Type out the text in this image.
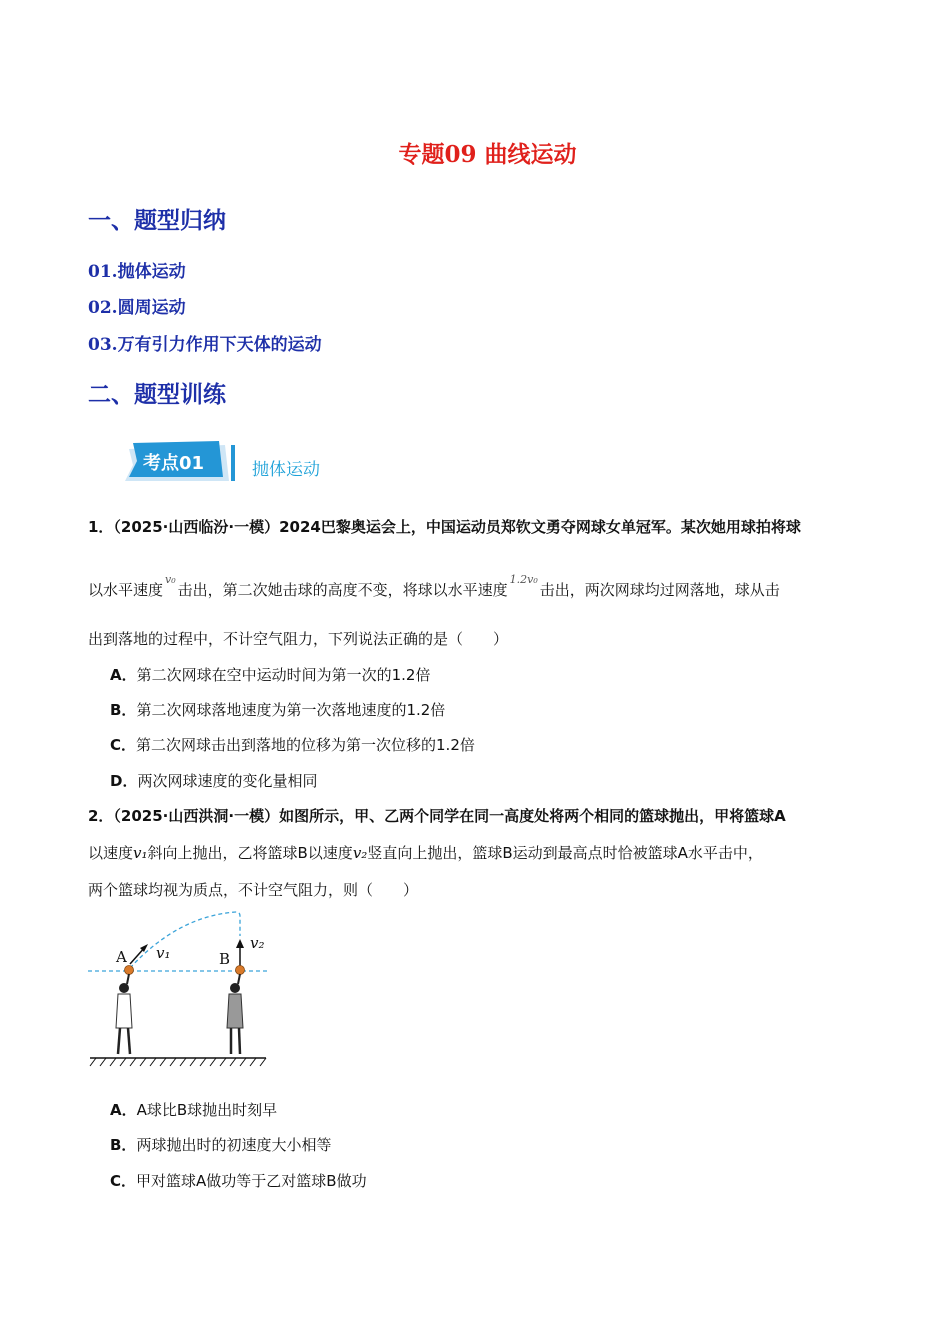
专题09 曲线运动
一、题型归纳
01.抛体运动
02.圆周运动
03.万有引力作用下天体的运动
二、题型训练
考点01	抛体运动
1．（2025·山西临汾·一模）2024巴黎奥运会上，中国运动员郑钦文勇夺网球女单冠军。某次她用球拍将球
以水平速度$^{v_0}$击出，第二次她击球的高度不变，将球以水平速度$^{1.2v_0}$击出，两次网球均过网落地，球从击
出到落地的过程中，不计空气阻力，下列说法正确的是（　　）
A．第二次网球在空中运动时间为第一次的1.2倍
B．第二次网球落地速度为第一次落地速度的1.2倍
C．第二次网球击出到落地的位移为第一次位移的1.2倍
D．两次网球速度的变化量相同
2．（2025·山西洪洞·一模）如图所示，甲、乙两个同学在同一高度处将两个相同的篮球抛出，甲将篮球A
以速度v₁斜向上抛出，乙将篮球B以速度v₂竖直向上抛出，篮球B运动到最高点时恰被篮球A水平击中，
两个篮球均视为质点，不计空气阻力，则（　　）
A v₁	B
v₂
A．A球比B球抛出时刻早
B．两球抛出时的初速度大小相等
C．甲对篮球A做功等于乙对篮球B做功
